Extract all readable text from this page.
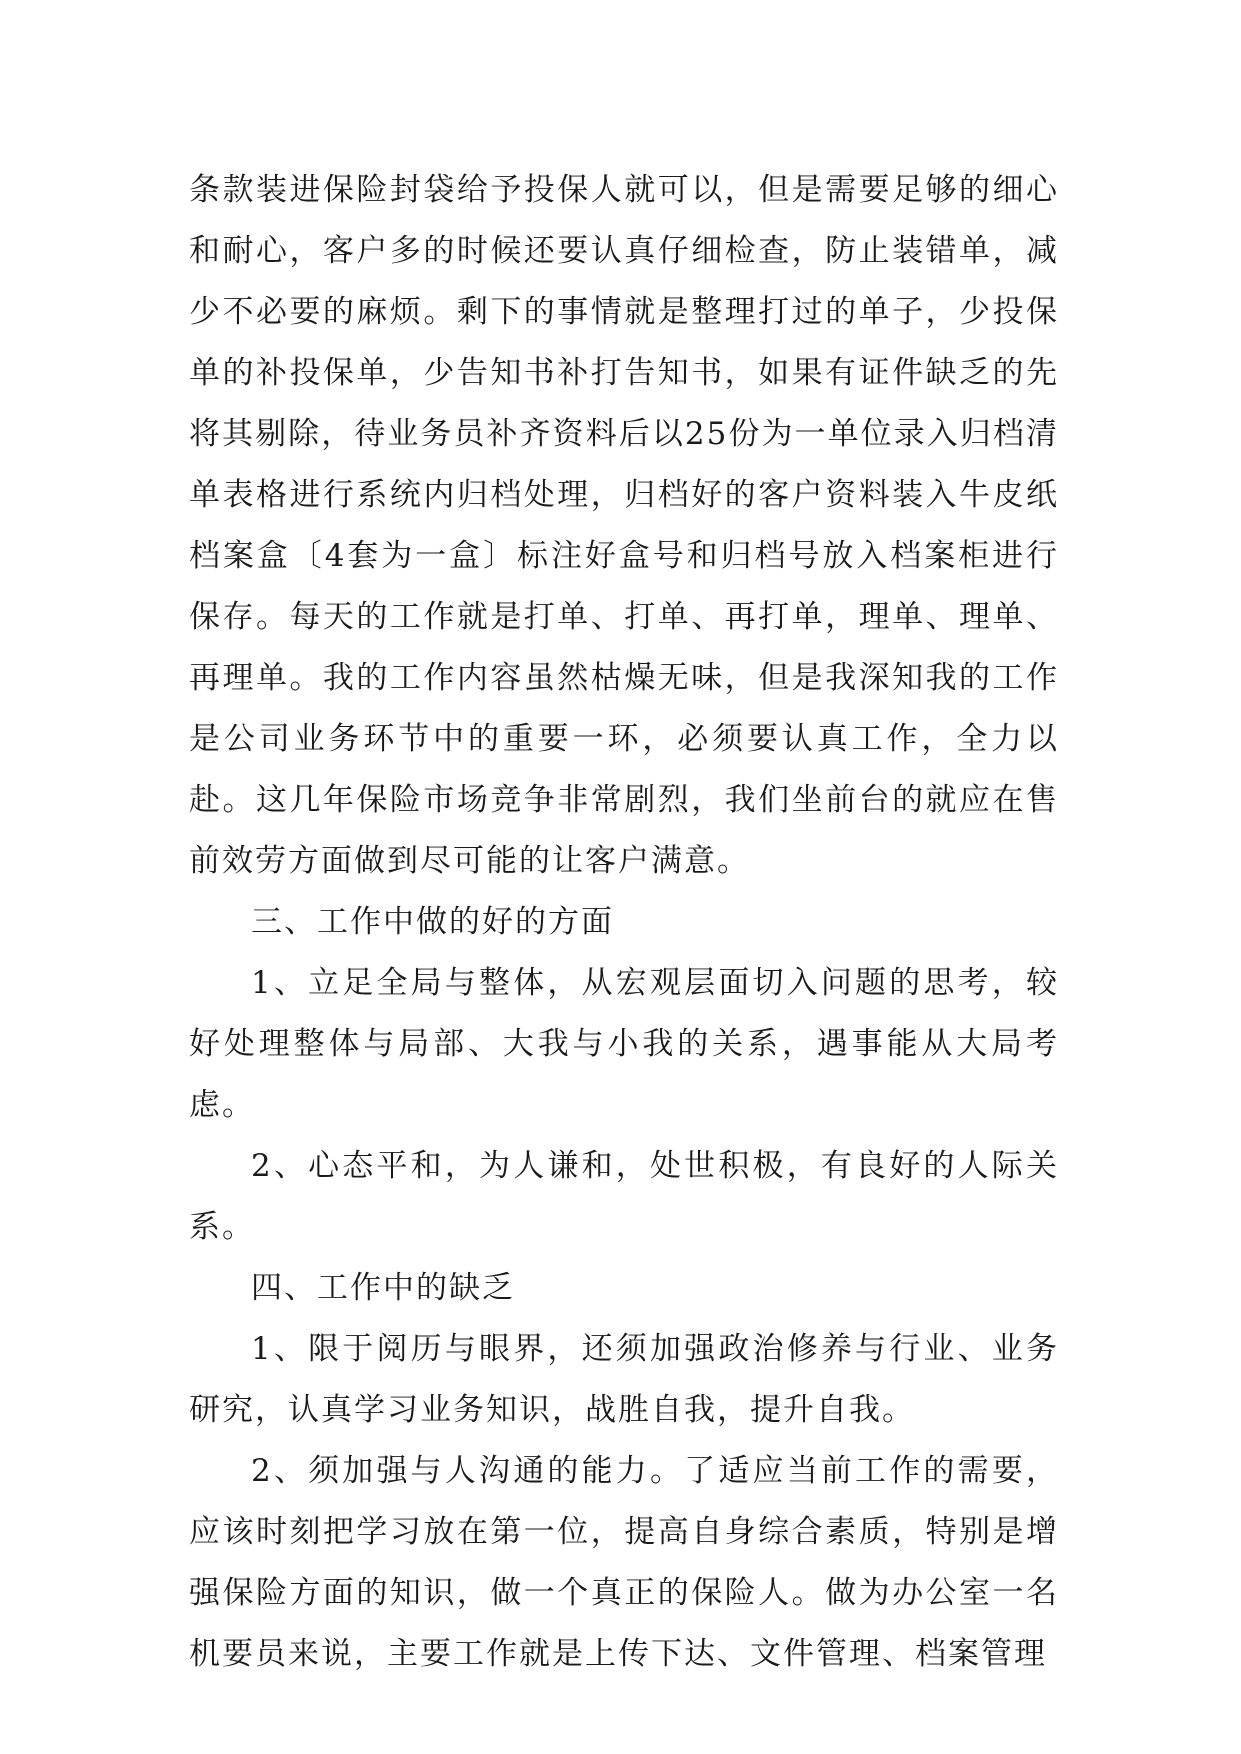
条款装进保险封袋给予投保人就可以，但是需要足够的细心和耐心，客户多的时候还要认真仔细检查，防止装错单，减少不必要的麻烦。剩下的事情就是整理打过的单子，少投保单的补投保单，少告知书补打告知书，如果有证件缺乏的先将其剔除，待业务员补齐资料后以25份为一单位录入归档清单表格进行系统内归档处理，归档好的客户资料装入牛皮纸档案盒〔4套为一盒〕标注好盒号和归档号放入档案柜进行保存。每天的工作就是打单、打单、再打单，理单、理单、再理单。我的工作内容虽然枯燥无味，但是我深知我的工作是公司业务环节中的重要一环，必须要认真工作，全力以赴。这几年保险市场竞争非常剧烈，我们坐前台的就应在售前效劳方面做到尽可能的让客户满意。

三、工作中做的好的方面

1、立足全局与整体，从宏观层面切入问题的思考，较好处理整体与局部、大我与小我的关系，遇事能从大局考虑。

2、心态平和，为人谦和，处世积极，有良好的人际关系。

四、工作中的缺乏

1、限于阅历与眼界，还须加强政治修养与行业、业务研究，认真学习业务知识，战胜自我，提升自我。

2、须加强与人沟通的能力。了适应当前工作的需要，应该时刻把学习放在第一位，提高自身综合素质，特别是增强保险方面的知识，做一个真正的保险人。做为办公室一名机要员来说，主要工作就是上传下达、文件管理、档案管理
